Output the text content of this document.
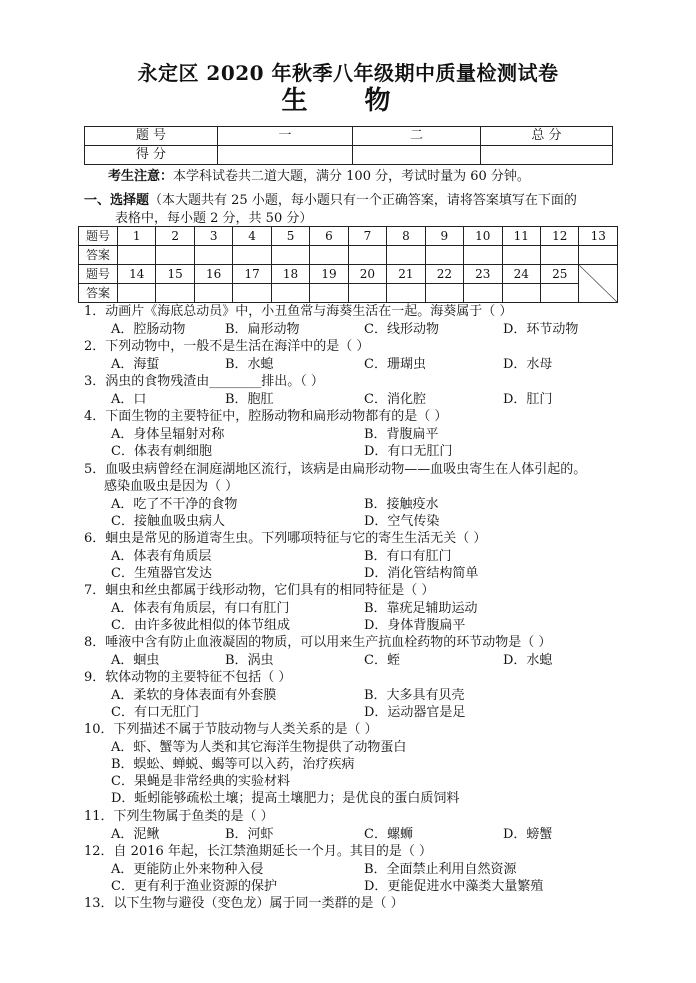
永定区 2020 年秋季八年级期中质量检测试卷
生 物
题 号	一	二	总 分
得 分			
考生注意：本学科试卷共二道大题，满分 100 分，考试时量为 60 分钟。
一、选择题（本大题共有 25 小题，每小题只有一个正确答案，请将答案填写在下面的
表格中，每小题 2 分，共 50 分）
题号	1	2	3	4	5	6	7	8	9	10	11	12	13
答案													
题号	14	15	16	17	18	19	20	21	22	23	24	25	
答案													
1．动画片《海底总动员》中，小丑鱼常与海葵生活在一起。海葵属于（ ）
A．腔肠动物	B．扁形动物	C．线形动物	D．环节动物
2．下列动物中，一般不是生活在海洋中的是（ ）
A．海蜇	B．水螅	C．珊瑚虫	D．水母
3．涡虫的食物残渣由________排出。（ ）
A．口	B．胞肛	C．消化腔	D．肛门
4．下面生物的主要特征中，腔肠动物和扁形动物都有的是（ ）
A．身体呈辐射对称	B．背腹扁平
C．体表有刺细胞	D．有口无肛门
5．血吸虫病曾经在洞庭湖地区流行，该病是由扁形动物——血吸虫寄生在人体引起的。
感染血吸虫是因为（ ）
A．吃了不干净的食物	B．接触疫水
C．接触血吸虫病人	D．空气传染
6．蛔虫是常见的肠道寄生虫。下列哪项特征与它的寄生生活无关（ ）
A．体表有角质层	B．有口有肛门
C．生殖器官发达	D．消化管结构简单
7．蛔虫和丝虫都属于线形动物，它们具有的相同特征是（ ）
A．体表有角质层，有口有肛门	B．靠疣足辅助运动
C．由许多彼此相似的体节组成	D．身体背腹扁平
8．唾液中含有防止血液凝固的物质，可以用来生产抗血栓药物的环节动物是（ ）
A．蛔虫	B．涡虫	C．蛭	D．水螅
9．软体动物的主要特征不包括（ ）
A．柔软的身体表面有外套膜	B．大多具有贝壳
C．有口无肛门	D．运动器官是足
10．下列描述不属于节肢动物与人类关系的是（ ）
A．虾、蟹等为人类和其它海洋生物提供了动物蛋白
B．蜈蚣、蝉蜕、蝎等可以入药，治疗疾病
C．果蝇是非常经典的实验材料
D．蚯蚓能够疏松土壤；提高土壤肥力；是优良的蛋白质饲料
11．下列生物属于鱼类的是（ ）
A．泥鳅	B．河虾	C．螺蛳	D．螃蟹
12．自 2016 年起，长江禁渔期延长一个月。其目的是（ ）
A．更能防止外来物种入侵	B．全面禁止利用自然资源
C．更有利于渔业资源的保护	D．更能促进水中藻类大量繁殖
13．以下生物与避役（变色龙）属于同一类群的是（ ）
